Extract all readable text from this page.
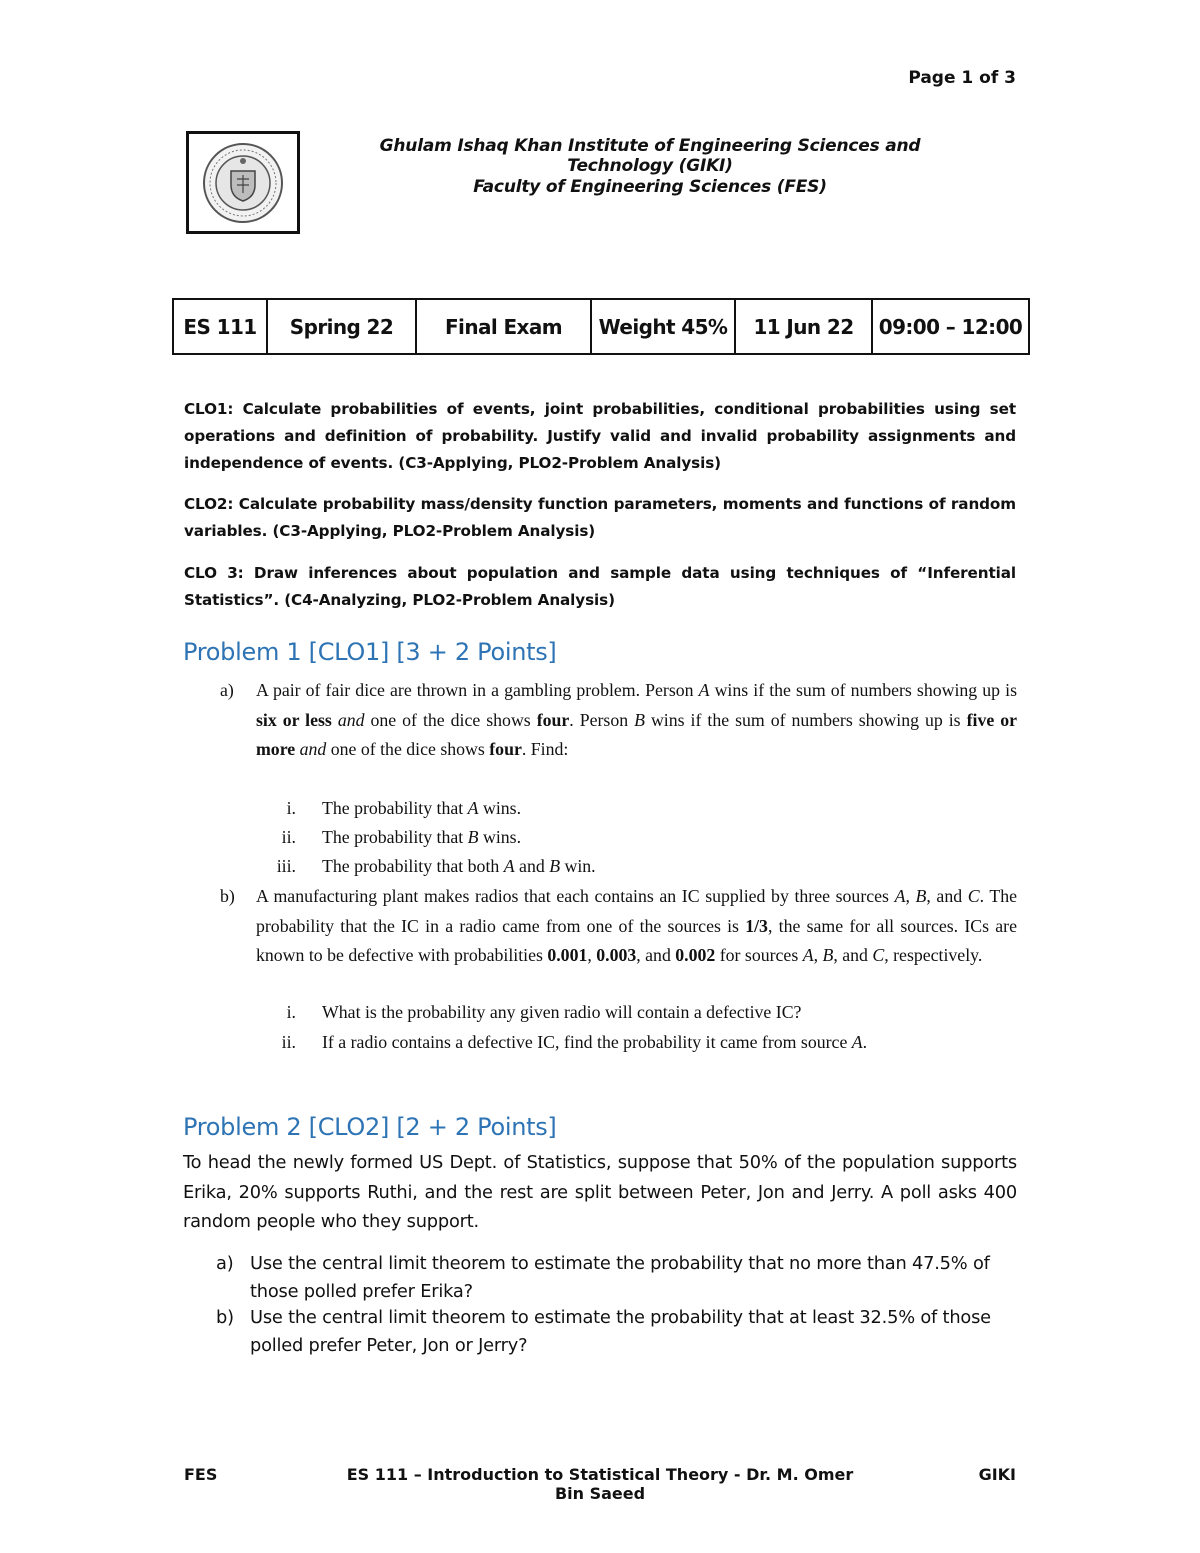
Page 1 of 3
Ghulam Ishaq Khan Institute of Engineering Sciences and Technology (GIKI)
Faculty of Engineering Sciences (FES)
ES 111	Spring 22	Final Exam	Weight 45%	11 Jun 22	09:00 – 12:00
CLO1: Calculate probabilities of events, joint probabilities, conditional probabilities using set operations and definition of probability. Justify valid and invalid probability assignments and independence of events. (C3-Applying, PLO2-Problem Analysis)
CLO2: Calculate probability mass/density function parameters, moments and functions of random variables. (C3-Applying, PLO2-Problem Analysis)
CLO 3: Draw inferences about population and sample data using techniques of “Inferential Statistics”. (C4-Analyzing, PLO2-Problem Analysis)
Problem 1 [CLO1] [3 + 2 Points]
a)	A pair of fair dice are thrown in a gambling problem. Person A wins if the sum of numbers showing up is six or less and one of the dice shows four. Person B wins if the sum of numbers showing up is five or more and one of the dice shows four. Find:
i. The probability that A wins.
ii. The probability that B wins.
iii. The probability that both A and B win.
b)	A manufacturing plant makes radios that each contains an IC supplied by three sources A, B, and C. The probability that the IC in a radio came from one of the sources is 1/3, the same for all sources. ICs are known to be defective with probabilities 0.001, 0.003, and 0.002 for sources A, B, and C, respectively.
i. What is the probability any given radio will contain a defective IC?
ii. If a radio contains a defective IC, find the probability it came from source A.
Problem 2 [CLO2] [2 + 2 Points]
To head the newly formed US Dept. of Statistics, suppose that 50% of the population supports Erika, 20% supports Ruthi, and the rest are split between Peter, Jon and Jerry. A poll asks 400 random people who they support.
a) Use the central limit theorem to estimate the probability that no more than 47.5% of those polled prefer Erika?
b) Use the central limit theorem to estimate the probability that at least 32.5% of those polled prefer Peter, Jon or Jerry?
FES	ES 111 – Introduction to Statistical Theory - Dr. M. Omer Bin Saeed
GIKI
